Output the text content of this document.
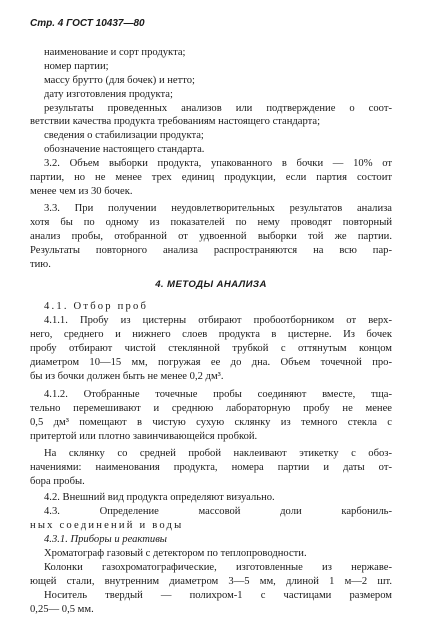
Стр. 4 ГОСТ 10437—80
4. МЕТОДЫ АНАЛИЗА
наименование и сорт продукта;
номер партии;
массу брутто (для бочек) и нетто;
дату изготовления продукта;
результаты проведенных анализов или подтверждение о соот-
ветствии качества продукта требованиям настоящего стандарта;
сведения о стабилизации продукта;
обозначение настоящего стандарта.
3.2. Объем выборки продукта, упакованного в бочки — 10% от
партии, но не менее трех единиц продукции, если партия состоит
менее чем из 30 бочек.
3.3. При получении неудовлетворительных результатов анализа
хотя бы по одному из показателей по нему проводят повторный
анализ пробы, отобранной от удвоенной выборки той же партии.
Результаты повторного анализа распространяются на всю пар-
тию.
4.1. Отбор проб
4.1.1. Пробу из цистерны отбирают пробоотборником от верх-
него, среднего и нижнего слоев продукта в цистерне. Из бочек
пробу отбирают чистой стеклянной трубкой с оттянутым концом
диаметром 10—15 мм, погружая ее до дна. Объем точечной про-
бы из бочки должен быть не менее 0,2 дм³.
4.1.2. Отобранные точечные пробы соединяют вместе, тща-
тельно перемешивают и среднюю лабораторную пробу не менее
0,5 дм³ помещают в чистую сухую склянку из темного стекла с
притертой или плотно завинчивающейся пробкой.
На склянку со средней пробой наклеивают этикетку с обоз-
начениями: наименования продукта, номера партии и даты от-
бора пробы.
4.2. Внешний вид продукта определяют визуально.
4.3. Определение массовой доли карбониль-
ных соединений и воды
4.3.1. Приборы и реактивы
Хроматограф газовый с детектором по теплопроводности.
Колонки газохроматографические, изготовленные из нержаве-
ющей стали, внутренним диаметром 3—5 мм, длиной 1 м—2 шт.
Носитель твердый — полихром-1 с частицами размером
0,25— 0,5 мм.
